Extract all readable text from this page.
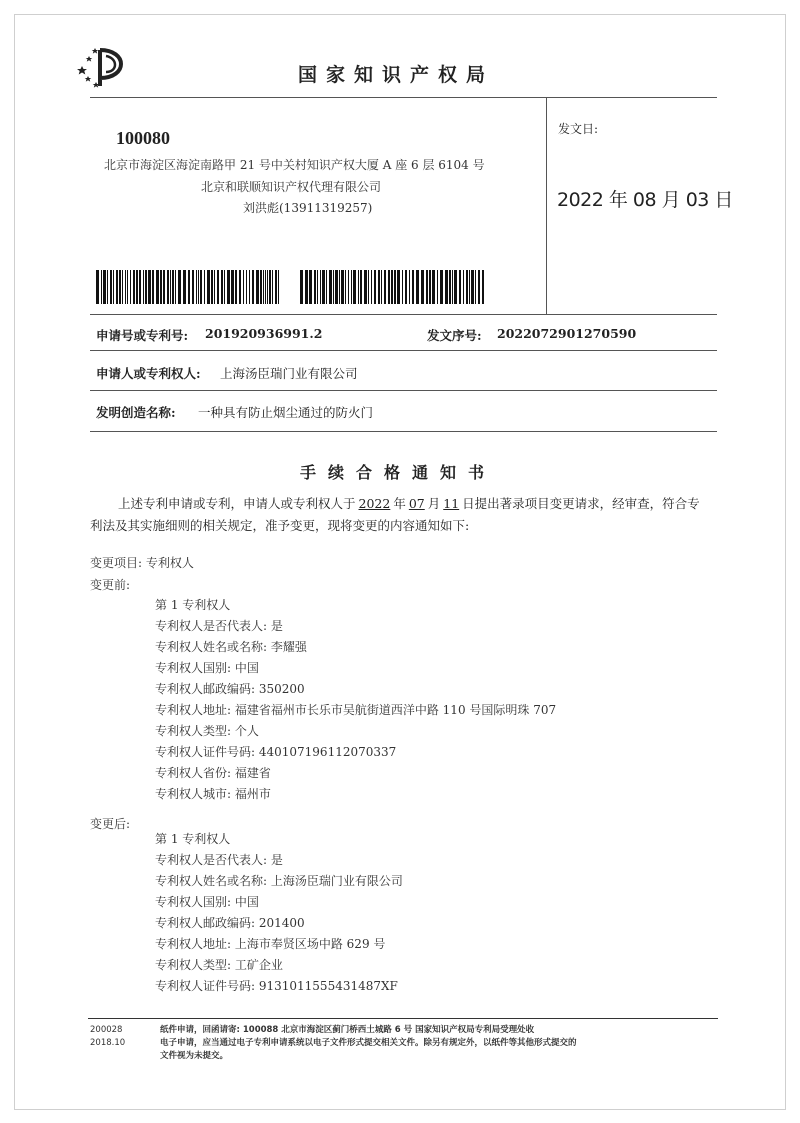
国家知识产权局
100080
北京市海淀区海淀南路甲 21 号中关村知识产权大厦 A 座 6 层 6104 号
北京和联顺知识产权代理有限公司
刘洪彪(13911319257)
发文日:
2022 年 08 月 03 日
申请号或专利号: 201920936991.2	发文序号: 2022072901270590
申请人或专利权人: 上海汤臣瑞门业有限公司
发明创造名称: 一种具有防止烟尘通过的防火门
手续合格通知书
上述专利申请或专利，申请人或专利权人于 2022 年 07 月 11 日提出著录项目变更请求，经审查，符合专
利法及其实施细则的相关规定，准予变更，现将变更的内容通知如下:
变更项目: 专利权人
变更前:
第 1 专利权人
专利权人是否代表人: 是
专利权人姓名或名称: 李耀强
专利权人国别: 中国
专利权人邮政编码: 350200
专利权人地址: 福建省福州市长乐市吴航街道西洋中路 110 号国际明珠 707
专利权人类型: 个人
专利权人证件号码: 440107196112070337
专利权人省份: 福建省
专利权人城市: 福州市
变更后:
第 1 专利权人
专利权人是否代表人: 是
专利权人姓名或名称: 上海汤臣瑞门业有限公司
专利权人国别: 中国
专利权人邮政编码: 201400
专利权人地址: 上海市奉贤区场中路 629 号
专利权人类型: 工矿企业
专利权人证件号码: 91310115554314​87XF
200028
2018.10
纸件申请，回函请寄: 100088 北京市海淀区蓟门桥西土城路 6 号 国家知识产权局专利局受理处收
电子申请，应当通过电子专利申请系统以电子文件形式提交相关文件。除另有规定外，以纸件等其他形式提交的
文件视为未提交。
